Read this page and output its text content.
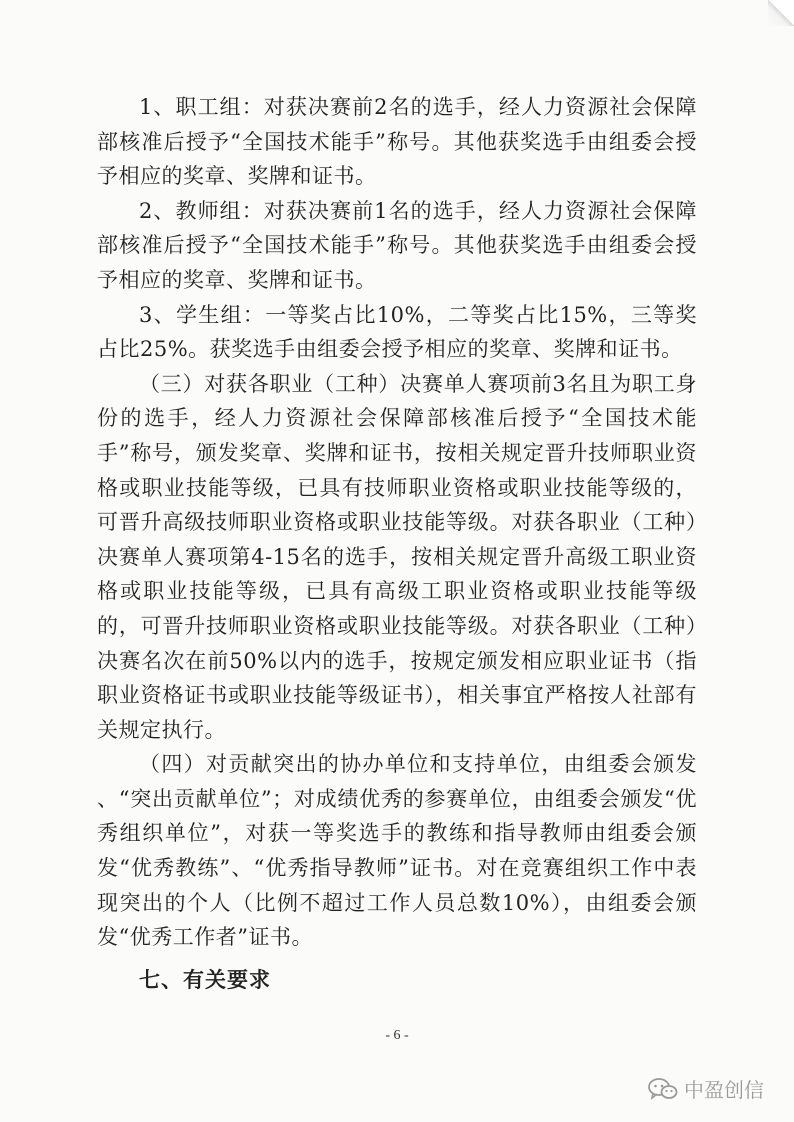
1、职工组：对获决赛前2名的选手，经人力资源社会保障部核准后授予“全国技术能手”称号。其他获奖选手由组委会授予相应的奖章、奖牌和证书。

2、教师组：对获决赛前1名的选手，经人力资源社会保障部核准后授予“全国技术能手”称号。其他获奖选手由组委会授予相应的奖章、奖牌和证书。

3、学生组：一等奖占比10%，二等奖占比15%，三等奖占比25%。获奖选手由组委会授予相应的奖章、奖牌和证书。

（三）对获各职业（工种）决赛单人赛项前3名且为职工身份的选手，经人力资源社会保障部核准后授予“全国技术能手”称号，颁发奖章、奖牌和证书，按相关规定晋升技师职业资格或职业技能等级，已具有技师职业资格或职业技能等级的，可晋升高级技师职业资格或职业技能等级。对获各职业（工种）决赛单人赛项第4-15名的选手，按相关规定晋升高级工职业资格或职业技能等级，已具有高级工职业资格或职业技能等级的，可晋升技师职业资格或职业技能等级。对获各职业（工种）决赛名次在前50%以内的选手，按规定颁发相应职业证书（指职业资格证书或职业技能等级证书），相关事宜严格按人社部有关规定执行。

（四）对贡献突出的协办单位和支持单位，由组委会颁发 、“突出贡献单位”；对成绩优秀的参赛单位，由组委会颁发“优秀组织单位”，对获一等奖选手的教练和指导教师由组委会颁发“优秀教练”、“优秀指导教师”证书。对在竞赛组织工作中表现突出的个人（比例不超过工作人员总数10%），由组委会颁发“优秀工作者”证书。

七、有关要求
- 6 -
中盈创信
